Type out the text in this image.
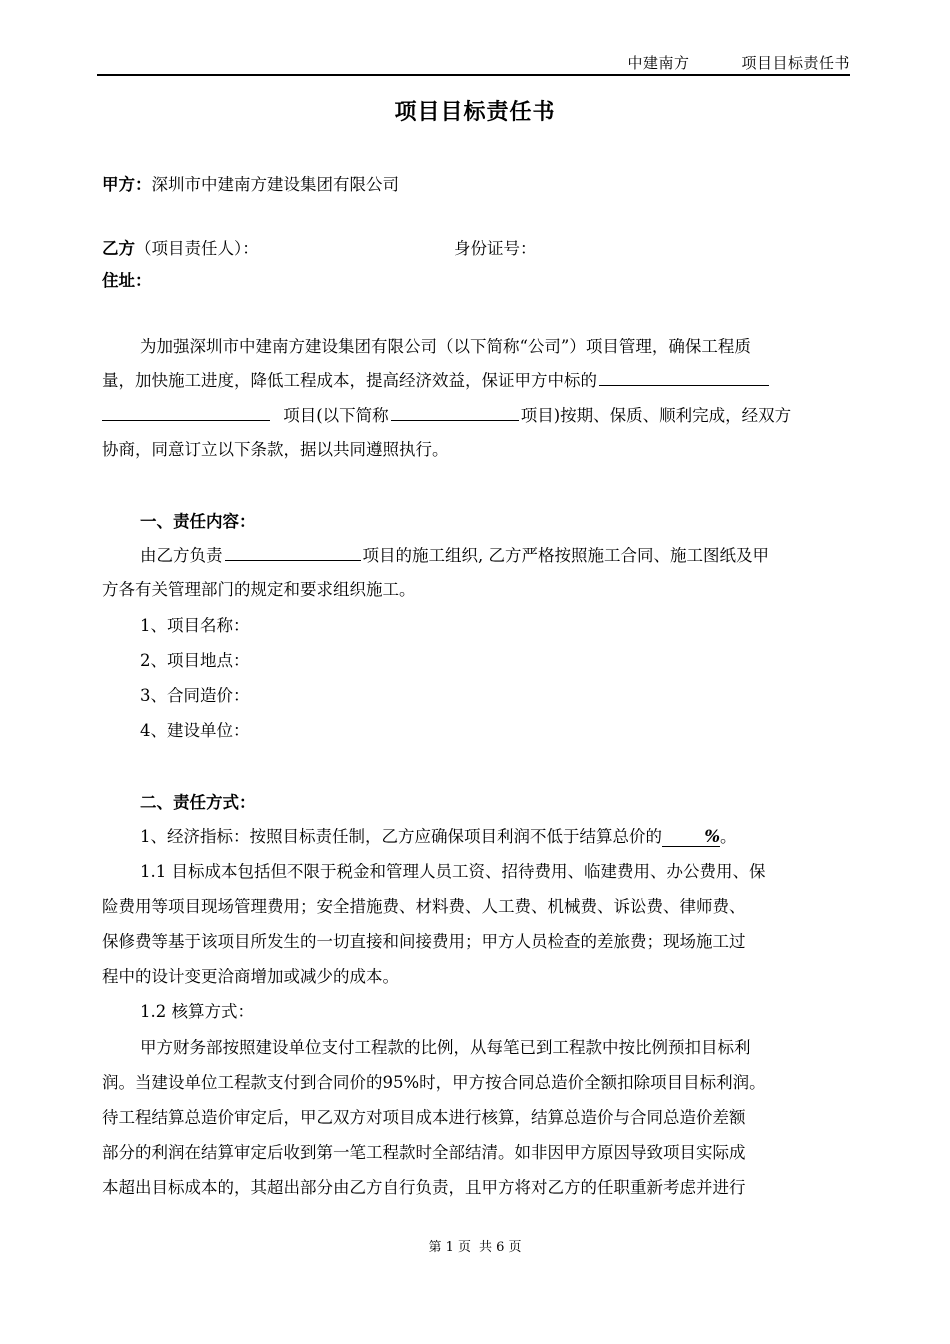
中建南方	项目目标责任书
项目目标责任书
甲方：深圳市中建南方建设集团有限公司
乙方（项目责任人）：	身份证号：
住址：
为加强深圳市中建南方建设集团有限公司（以下简称“公司”）项目管理，确保工程质
量，加快施工进度，降低工程成本，提高经济效益，保证甲方中标的
项目(以下简称	项目)按期、保质、顺利完成，经双方
协商，同意订立以下条款，据以共同遵照执行。
一、责任内容：
由乙方负责	项目的施工组织, 乙方严格按照施工合同、施工图纸及甲
方各有关管理部门的规定和要求组织施工。
1、项目名称：
2、项目地点：
3、合同造价：
4、建设单位：
二、责任方式：
1、经济指标：按照目标责任制，乙方应确保项目利润不低于结算总价的	%。
1.1 目标成本包括但不限于税金和管理人员工资、招待费用、临建费用、办公费用、保
险费用等项目现场管理费用；安全措施费、材料费、人工费、机械费、诉讼费、律师费、
保修费等基于该项目所发生的一切直接和间接费用；甲方人员检查的差旅费；现场施工过
程中的设计变更洽商增加或减少的成本。
1.2 核算方式：
甲方财务部按照建设单位支付工程款的比例，从每笔已到工程款中按比例预扣目标利
润。当建设单位工程款支付到合同价的95%时，甲方按合同总造价全额扣除项目目标利润。
待工程结算总造价审定后，甲乙双方对项目成本进行核算，结算总造价与合同总造价差额
部分的利润在结算审定后收到第一笔工程款时全部结清。如非因甲方原因导致项目实际成
本超出目标成本的，其超出部分由乙方自行负责，且甲方将对乙方的任职重新考虑并进行
第 1 页 共 6 页
